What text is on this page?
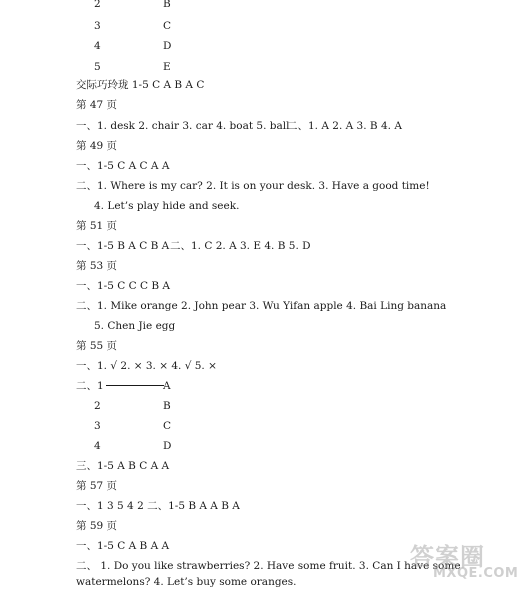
2	B
3	C
4	D
5	E
交际巧玲珑 1-5 C A B A C
第 47 页
一、1. desk 2. chair 3. car 4. boat 5. ball
二、1. A 2. A 3. B 4. A
第 49 页
一、1-5 C A C A A
二、1. Where is my car? 2. It is on your desk. 3. Have a good time!
4. Let’s play hide and seek.
第 51 页
一、1-5 B A C B A 二、1. C 2. A 3. E 4. B 5. D
第 53 页
一、1-5 C C C B A
二、1. Mike orange 2. John pear 3. Wu Yifan apple 4. Bai Ling banana
5. Chen Jie egg
第 55 页
一、1. √ 2. × 3. × 4. √ 5. ×
二、1	A
2	B
3	C
4	D
三、1-5 A B C A A
第 57 页
一、1 3 5 4 2 二、1-5 B A A B A
第 59 页
一、1-5 C A B A A
二、 1. Do you like strawberries? 2. Have some fruit. 3. Can I have some
watermelons? 4. Let’s buy some oranges.
答案圈
MXQE.COM
